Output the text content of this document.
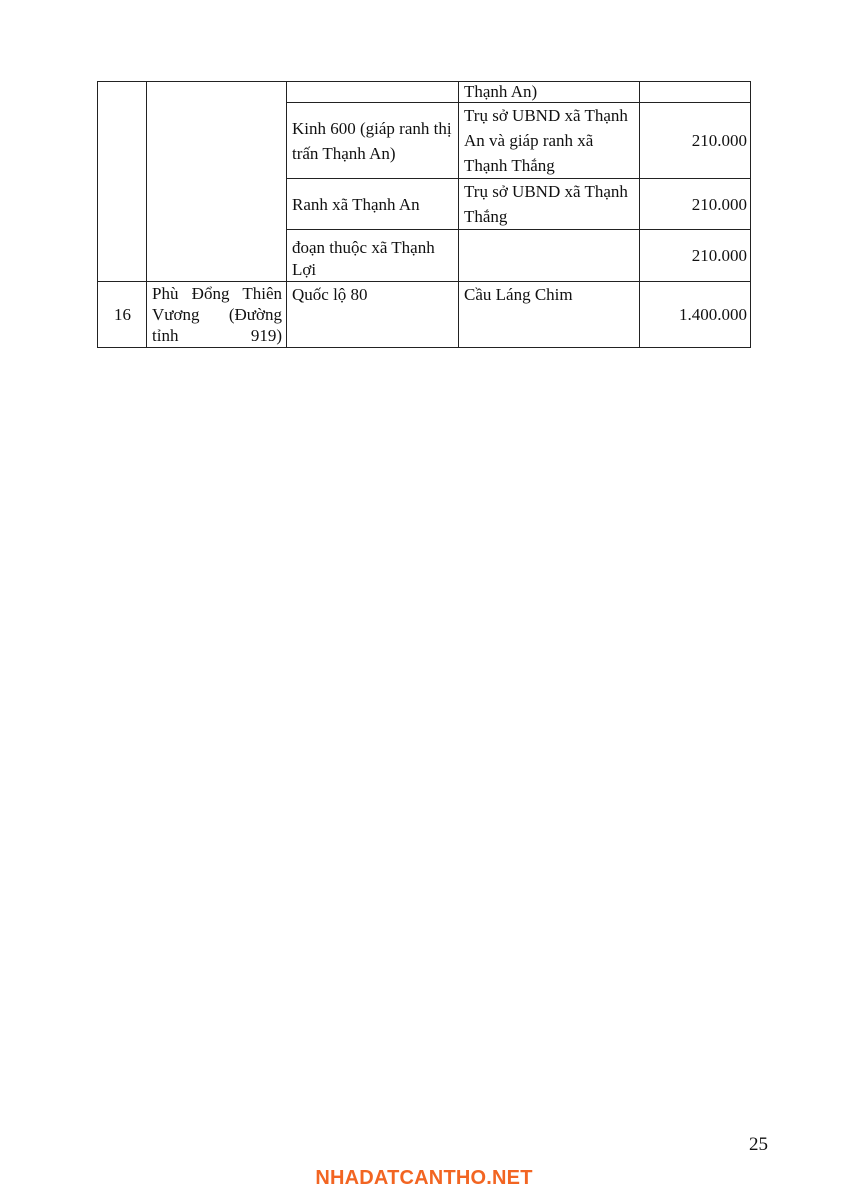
			Thạnh An)	
		Kinh 600 (giáp ranh thị trấn Thạnh An)	Trụ sở UBND xã Thạnh An và giáp ranh xã Thạnh Thắng	210.000
		Ranh xã Thạnh An	Trụ sở UBND xã Thạnh Thắng	210.000
		đoạn thuộc xã Thạnh Lợi		210.000
16	Phù Đổng Thiên Vương (Đường tỉnh 919)	Quốc lộ 80	Cầu Láng Chim	1.400.000
25
NHADATCANTHO.NET
